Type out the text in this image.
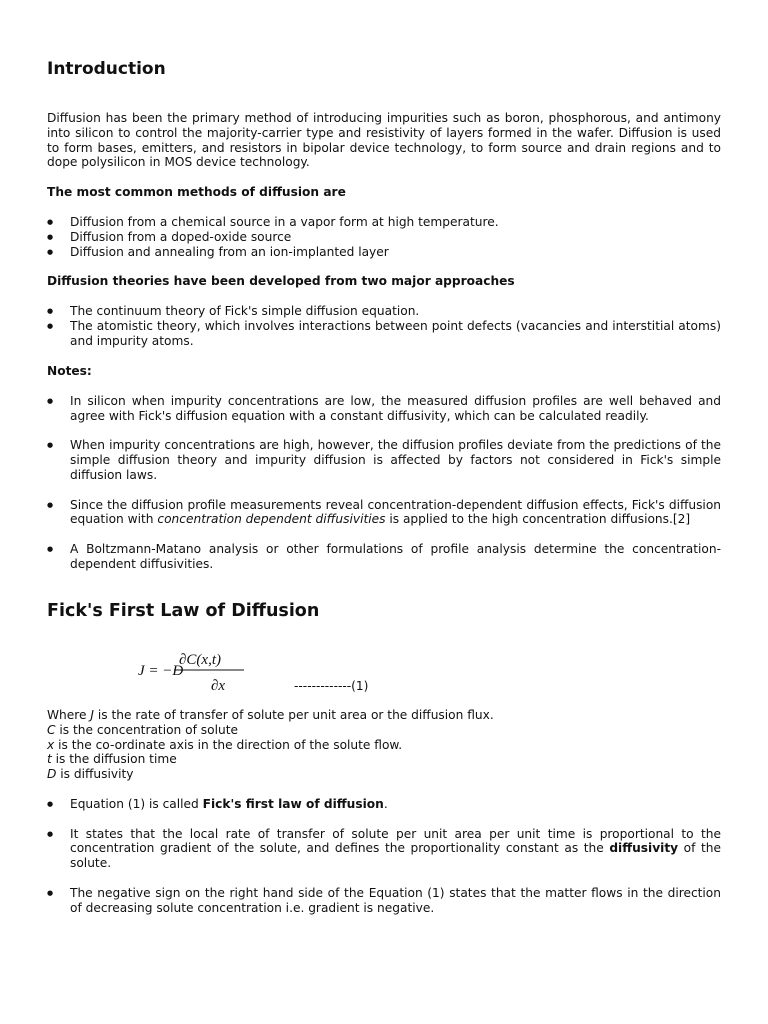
Introduction

Diffusion has been the primary method of introducing impurities such as boron, phosphorous, and antimony into silicon to control the majority-carrier type and resistivity of layers formed in the wafer. Diffusion is used to form bases, emitters, and resistors in bipolar device technology, to form source and drain regions and to dope polysilicon in MOS device technology.

The most common methods of diffusion are
● Diffusion from a chemical source in a vapor form at high temperature.
● Diffusion from a doped-oxide source
● Diffusion and annealing from an ion-implanted layer
Diffusion theories have been developed from two major approaches
● The continuum theory of Fick's simple diffusion equation.
● The atomistic theory, which involves interactions between point defects (vacancies and interstitial atoms) and impurity atoms.
Notes:
● In silicon when impurity concentrations are low, the measured diffusion profiles are well behaved and agree with Fick's diffusion equation with a constant diffusivity, which can be calculated readily.
● When impurity concentrations are high, however, the diffusion profiles deviate from the predictions of the simple diffusion theory and impurity diffusion is affected by factors not considered in Fick's simple diffusion laws.
● Since the diffusion profile measurements reveal concentration-dependent diffusion effects, Fick's diffusion equation with concentration dependent diffusivities is applied to the high concentration diffusions.[2]
● A Boltzmann-Matano analysis or other formulations of profile analysis determine the concentration-dependent diffusivities.
Fick's First Law of Diffusion
J = −D
∂C(x,t)
∂x	-------------(1)
Where J is the rate of transfer of solute per unit area or the diffusion flux.
C is the concentration of solute
x is the co-ordinate axis in the direction of the solute flow.
t is the diffusion time
D is diffusivity
● Equation (1) is called Fick's first law of diffusion.
● It states that the local rate of transfer of solute per unit area per unit time is proportional to the concentration gradient of the solute, and defines the proportionality constant as the diffusivity of the solute.
● The negative sign on the right hand side of the Equation (1) states that the matter flows in the direction of decreasing solute concentration i.e. gradient is negative.
